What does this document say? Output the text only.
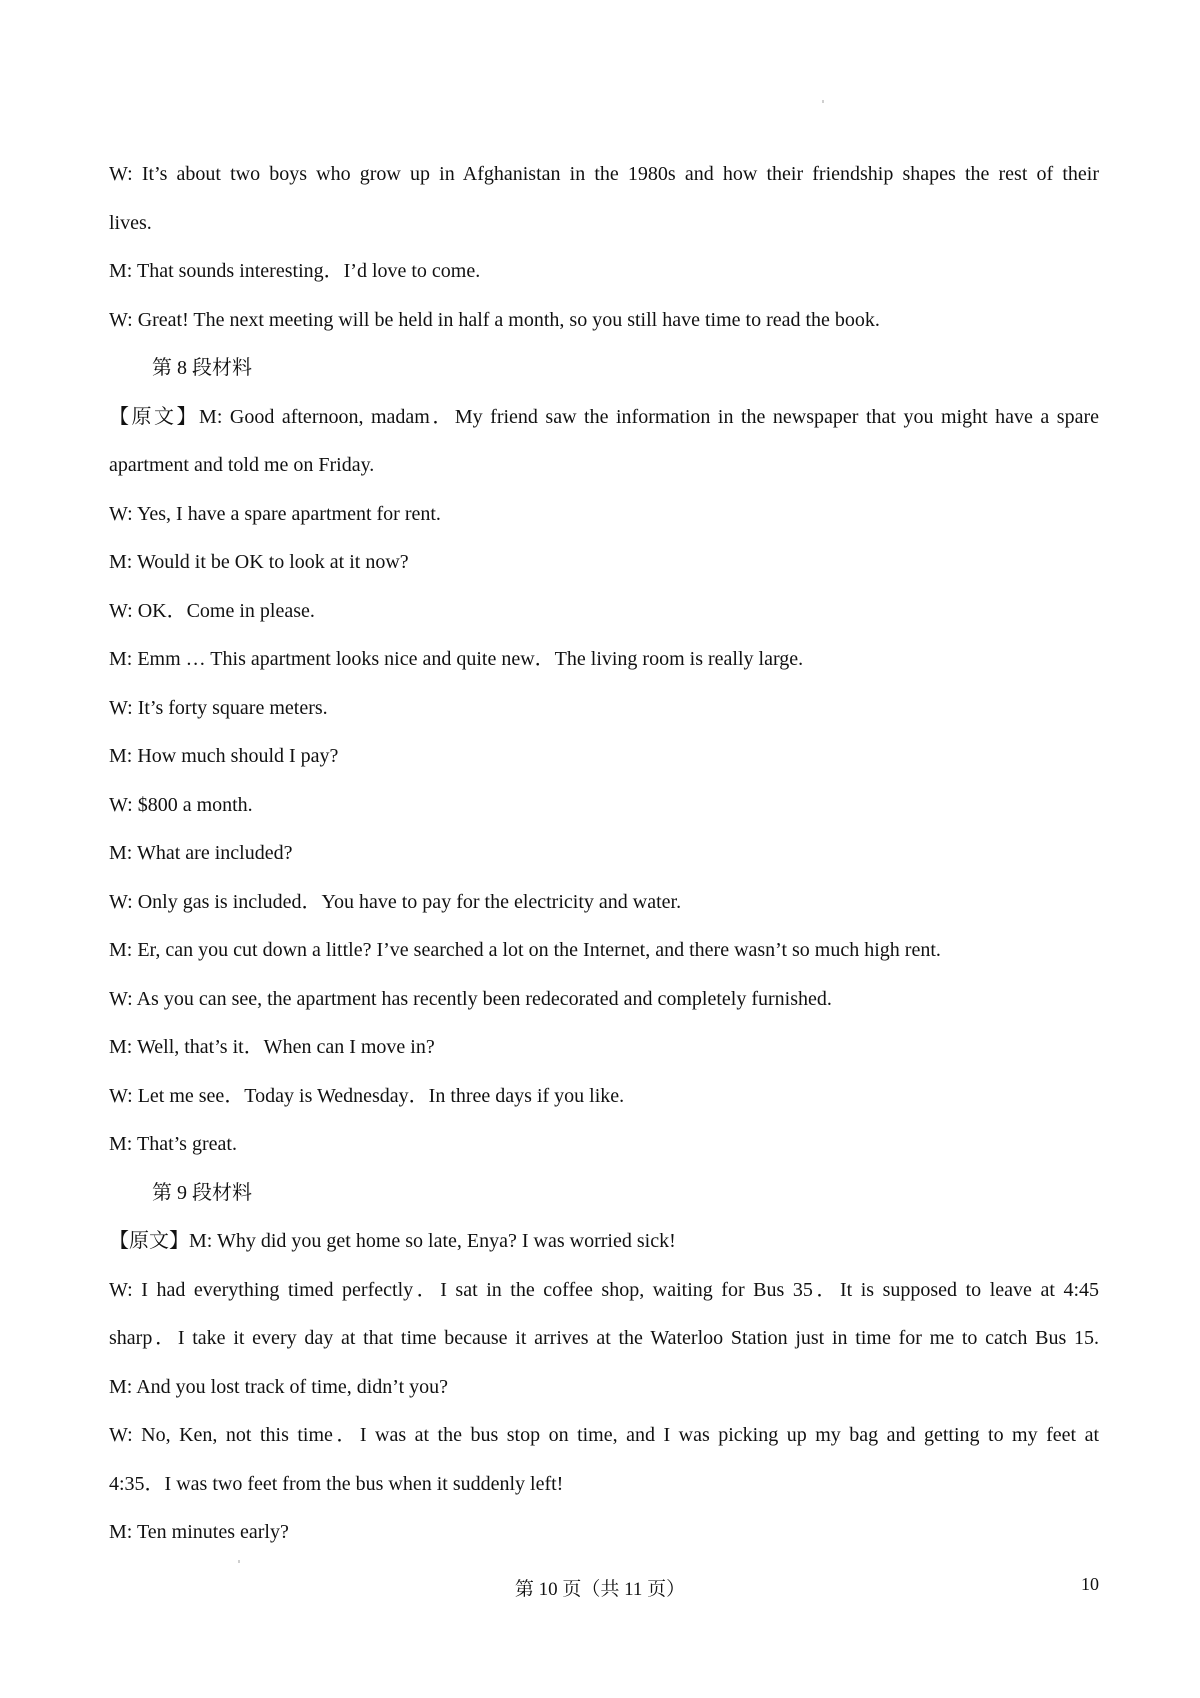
W: It’s about two boys who grow up in Afghanistan in the 1980s and how their friendship shapes the rest of their

lives.

M: That sounds interesting．I’d love to come.

W: Great! The next meeting will be held in half a month, so you still have time to read the book.

第 8 段材料

【原文】M: Good afternoon, madam．My friend saw the information in the newspaper that you might have a spare

apartment and told me on Friday.

W: Yes, I have a spare apartment for rent.

M: Would it be OK to look at it now?

W: OK．Come in please.

M: Emm … This apartment looks nice and quite new．The living room is really large.

W: It’s forty square meters.

M: How much should I pay?

W: $800 a month.

M: What are included?

W: Only gas is included．You have to pay for the electricity and water.

M: Er, can you cut down a little? I’ve searched a lot on the Internet, and there wasn’t so much high rent.

W: As you can see, the apartment has recently been redecorated and completely furnished.

M: Well, that’s it．When can I move in?

W: Let me see．Today is Wednesday．In three days if you like.

M: That’s great.

第 9 段材料

【原文】M: Why did you get home so late, Enya? I was worried sick!

W: I had everything timed perfectly．I sat in the coffee shop, waiting for Bus 35．It is supposed to leave at 4:45

sharp．I take it every day at that time because it arrives at the Waterloo Station just in time for me to catch Bus 15.

M: And you lost track of time, didn’t you?

W: No, Ken, not this time．I was at the bus stop on time, and I was picking up my bag and getting to my feet at

4:35．I was two feet from the bus when it suddenly left!

M: Ten minutes early?

第 10 页（共 11 页）	10
